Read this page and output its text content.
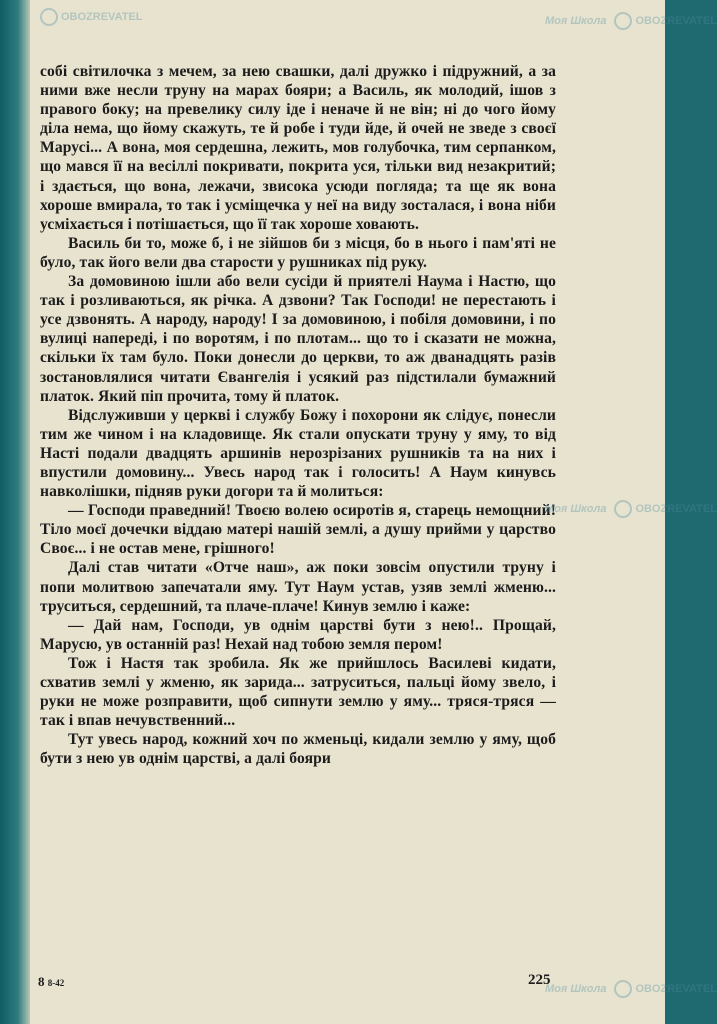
собі світилочка з мечем, за нею свашки, далі дружко і підружний, а за ними вже несли труну на марах бояри; а Василь, як молодий, ішов з правого боку; на превелику силу іде і неначе й не він; ні до чого йому діла нема, що йому скажуть, те й робе і туди йде, й очей не зведе з своєї Марусі... А вона, моя сердешна, лежить, мов голубочка, тим серпанком, що мався її на весіллі покривати, покрита уся, тільки вид незакритий; і здається, що вона, лежачи, звисока усюди погляда; та ще як вона хороше вмирала, то так і усміщечка у неї на виду зосталася, і вона ніби усміхається і потішається, що її так хороше ховають.

Василь би то, може б, і не зійшов би з місця, бо в нього і пам'яті не було, так його вели два старости у рушниках під руку.

За домовиною ішли або вели сусіди й приятелі Наума і Настю, що так і розливаються, як річка. А дзвони? Так Господи! не перестають і усе дзвонять. А народу, народу! І за домовиною, і побіля домовини, і по вулиці напереді, і по воротям, і по плотам... що то і сказати не можна, скільки їх там було. Поки донесли до церкви, то аж дванадцять разів зостановлялися читати Євангелія і усякий раз підстилали бумажний платок. Який піп прочита, тому й платок.

Відслуживши у церкві і службу Божу і похорони як слідує, понесли тим же чином і на кладовище. Як стали опускати труну у яму, то від Насті подали двадцять аршинів нерозрізаних рушників та на них і впустили домовину... Увесь народ так і голосить! А Наум кинувсь навколішки, підняв руки догори та й молиться:

— Господи праведний! Твоєю волею осиротів я, старець немощний! Тіло моєї дочечки віддаю матері нашій землі, а душу прийми у царство Своє... і не остав мене, грішного!

Далі став читати «Отче наш», аж поки зовсім опустили труну і попи молитвою запечатали яму. Тут Наум устав, узяв землі жменю... труситься, сердешний, та плаче-плаче! Кинув землю і каже:

— Дай нам, Господи, ув однім царстві бути з нею!.. Прощай, Марусю, ув останній раз! Нехай над тобою земля пером!

Тож і Настя так зробила. Як же прийшлось Василеві кидати, схватив землі у жменю, як зарида... затруситься, пальці йому звело, і руки не може розправити, щоб сипнути землю у яму... тряся-тряся — так і впав нечувственний...

Тут увесь народ, кожний хоч по жменьці, кидали землю у яму, щоб бути з нею ув однім царстві, а далі бояри

8 8-42	225
OBOZREVATEL	Моя Школа	OBOZREVATEL
Моя Школа	OBOZREVATEL
Моя Школа	OBOZREVATEL
